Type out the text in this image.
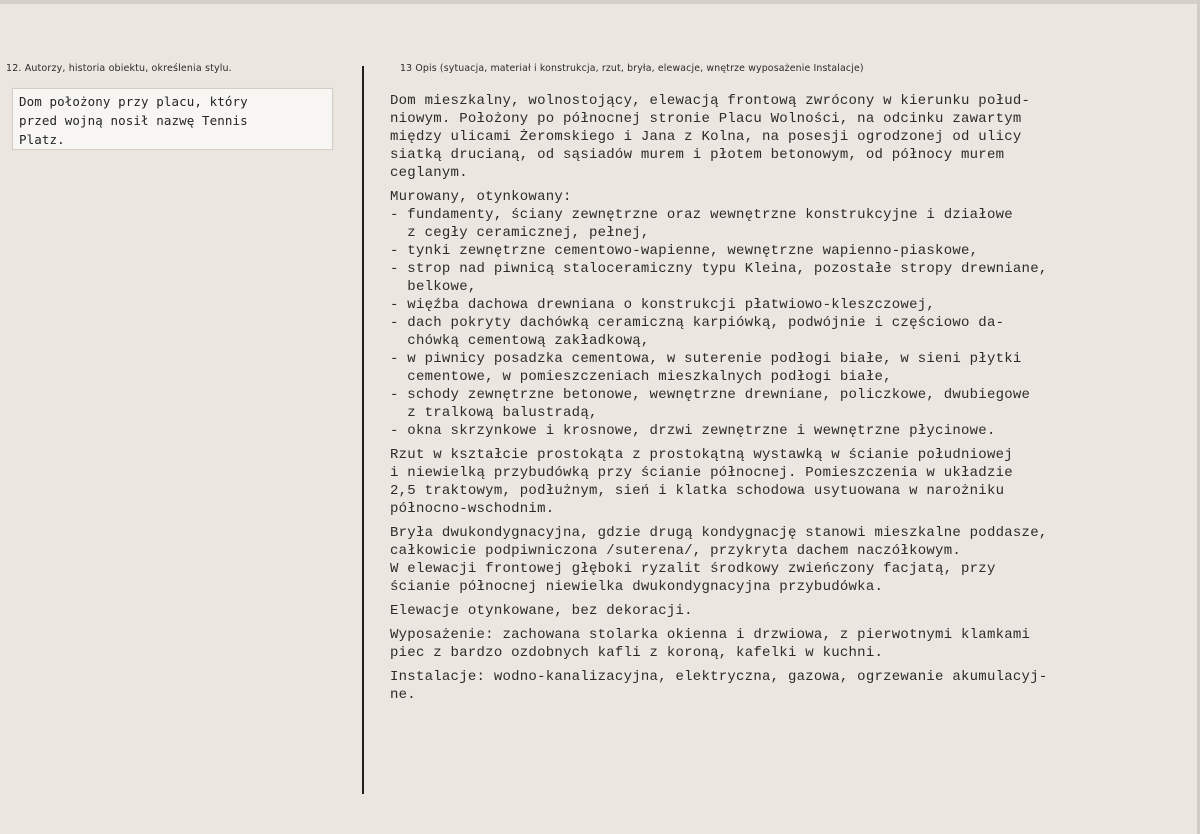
12. Autorzy, historia obiektu, określenia stylu.	13 Opis (sytuacja, materiał i konstrukcja, rzut, bryła, elewacje, wnętrze wyposażenie Instalacje)
Dom położony przy placu, który
przed wojną nosił nazwę Tennis
Platz.
Dom mieszkalny, wolnostojący, elewacją frontową zwrócony w kierunku połud-
niowym. Położony po północnej stronie Placu Wolności, na odcinku zawartym
między ulicami Żeromskiego i Jana z Kolna, na posesji ogrodzonej od ulicy
siatką drucianą, od sąsiadów murem i płotem betonowym, od północy murem
ceglanym.
Murowany, otynkowany:
- fundamenty, ściany zewnętrzne oraz wewnętrzne konstrukcyjne i działowe
z cegły ceramicznej, pełnej,
- tynki zewnętrzne cementowo-wapienne, wewnętrzne wapienno-piaskowe,
- strop nad piwnicą staloceramiczny typu Kleina, pozostałe stropy drewniane,
belkowe,
- więźba dachowa drewniana o konstrukcji płatwiowo-kleszczowej,
- dach pokryty dachówką ceramiczną karpiówką, podwójnie i częściowo da-
chówką cementową zakładkową,
- w piwnicy posadzka cementowa, w suterenie podłogi białe, w sieni płytki
cementowe, w pomieszczeniach mieszkalnych podłogi białe,
- schody zewnętrzne betonowe, wewnętrzne drewniane, policzkowe, dwubiegowe
z tralkową balustradą,
- okna skrzynkowe i krosnowe, drzwi zewnętrzne i wewnętrzne płycinowe.
Rzut w kształcie prostokąta z prostokątną wystawką w ścianie południowej
i niewielką przybudówką przy ścianie północnej. Pomieszczenia w układzie
2,5 traktowym, podłużnym, sień i klatka schodowa usytuowana w narożniku
północno-wschodnim.
Bryła dwukondygnacyjna, gdzie drugą kondygnację stanowi mieszkalne poddasze,
całkowicie podpiwniczona /suterena/, przykryta dachem naczółkowym.
W elewacji frontowej głęboki ryzalit środkowy zwieńczony facjatą, przy
ścianie północnej niewielka dwukondygnacyjna przybudówka.
Elewacje otynkowane, bez dekoracji.
Wyposażenie: zachowana stolarka okienna i drzwiowa, z pierwotnymi klamkami
piec z bardzo ozdobnych kafli z koroną, kafelki w kuchni.
Instalacje: wodno-kanalizacyjna, elektryczna, gazowa, ogrzewanie akumulacyj-
ne.
